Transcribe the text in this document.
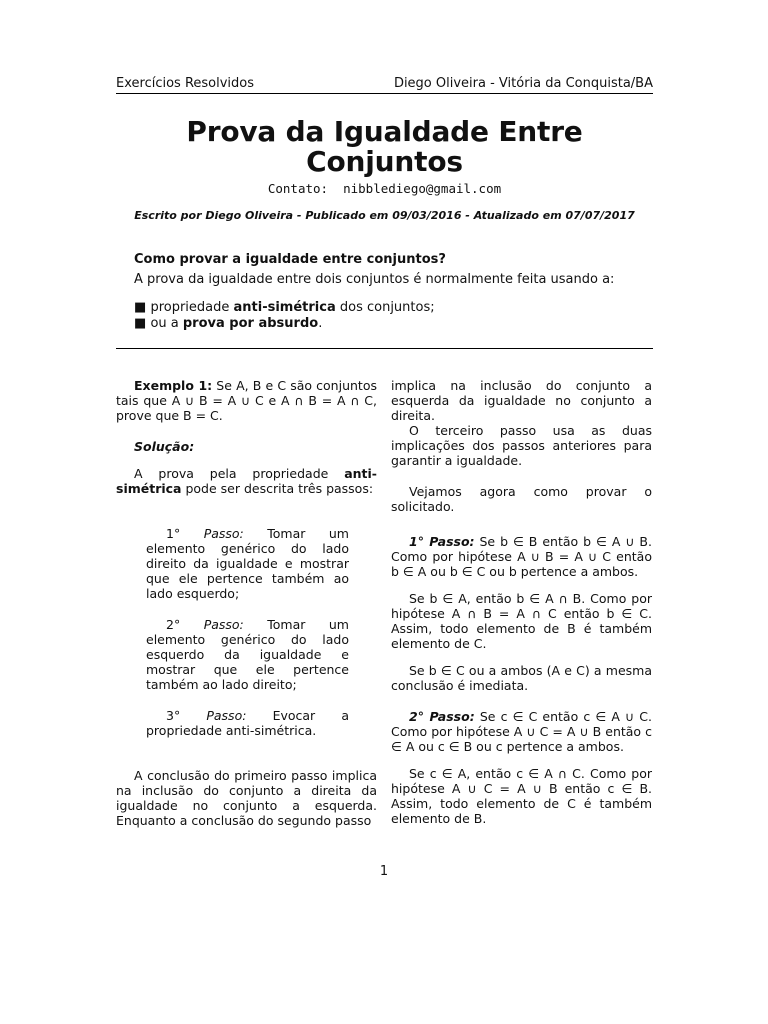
Exercícios Resolvidos	Diego Oliveira - Vitória da Conquista/BA
Prova da Igualdade Entre
Conjuntos
Contato:  nibblediego@gmail.com
Escrito por Diego Oliveira - Publicado em 09/03/2016 - Atualizado em 07/07/2017
Como provar a igualdade entre conjuntos?
A prova da igualdade entre dois conjuntos é normalmente feita usando a:
■ propriedade anti-simétrica dos conjuntos;
■ ou a prova por absurdo.

Exemplo 1: Se A, B e C são conjuntos tais que A ∪ B = A ∪ C e A ∩ B = A ∩ C, prove que B = C.

Solução:

A prova pela propriedade anti-simétrica pode ser descrita três passos:

1° Passo: Tomar um elemento genérico do lado direito da igualdade e mostrar que ele pertence também ao lado esquerdo;

2° Passo: Tomar um elemento genérico do lado esquerdo da igualdade e mostrar que ele pertence também ao lado direito;

3° Passo: Evocar a propriedade anti-simétrica.

A conclusão do primeiro passo implica na inclusão do conjunto a direita da igualdade no conjunto a esquerda. Enquanto a conclusão do segundo passo

implica na inclusão do conjunto a esquerda da igualdade no conjunto a direita.

O terceiro passo usa as duas implicações dos passos anteriores para garantir a igualdade.

Vejamos agora como provar o solicitado.

1° Passo: Se b ∈ B então b ∈ A ∪ B. Como por hipótese A ∪ B = A ∪ C então b ∈ A ou b ∈ C ou b pertence a ambos.

Se b ∈ A, então b ∈ A ∩ B. Como por hipótese A ∩ B = A ∩ C então b ∈ C. Assim, todo elemento de B é também elemento de C.

Se b ∈ C ou a ambos (A e C) a mesma conclusão é imediata.

2° Passo: Se c ∈ C então c ∈ A ∪ C. Como por hipótese A ∪ C = A ∪ B então c ∈ A ou c ∈ B ou c pertence a ambos.

Se c ∈ A, então c ∈ A ∩ C. Como por hipótese A ∪ C = A ∪ B então c ∈ B. Assim, todo elemento de C é também elemento de B.

1
